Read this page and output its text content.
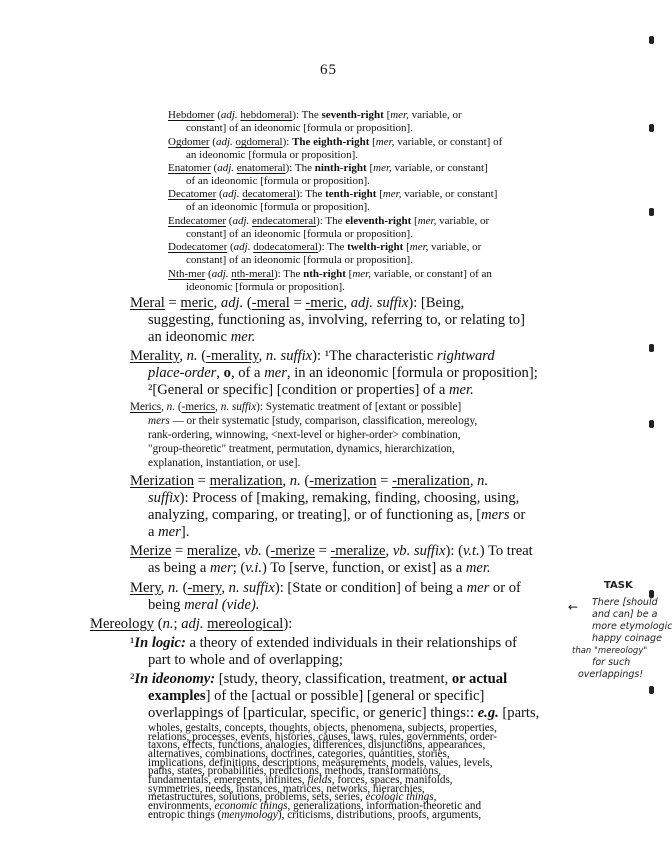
65
Hebdomer (adj. hebdomeral): The seventh-right [mer, variable, or
constant] of an ideonomic [formula or proposition].
Ogdomer (adj. ogdomeral): The eighth-right [mer, variable, or constant] of
an ideonomic [formula or proposition].
Enatomer (adj. enatomeral): The ninth-right [mer, variable, or constant]
of an ideonomic [formula or proposition].
Decatomer (adj. decatomeral): The tenth-right [mer, variable, or constant]
of an ideonomic [formula or proposition].
Endecatomer (adj. endecatomeral): The eleventh-right [mer, variable, or
constant] of an ideonomic [formula or proposition].
Dodecatomer (adj. dodecatomeral): The twelth-right [mer, variable, or
constant] of an ideonomic [formula or proposition].
Nth-mer (adj. nth-meral): The nth-right [mer, variable, or constant] of an
ideonomic [formula or proposition].
Meral = meric, adj. (-meral = -meric, adj. suffix): [Being,
suggesting, functioning as, involving, referring to, or relating to]
an ideonomic mer.
Merality, n. (-merality, n. suffix): ¹The characteristic rightward
place-order, o, of a mer, in an ideonomic [formula or proposition];
²[General or specific] [condition or properties] of a mer.
Merics, n. (-merics, n. suffix): Systematic treatment of [extant or possible]
mers — or their systematic [study, comparison, classification, mereology,
rank-ordering, winnowing, <next-level or higher-order> combination,
"group-theoretic" treatment, permutation, dynamics, hierarchization,
explanation, instantiation, or use].
Merization = meralization, n. (-merization = -meralization, n.
suffix): Process of [making, remaking, finding, choosing, using,
analyzing, comparing, or treating], or of functioning as, [mers or
a mer].
Merize = meralize, vb. (-merize = -meralize, vb. suffix): (v.t.) To treat
as being a mer; (v.i.) To [serve, function, or exist] as a mer.
Mery, n. (-mery, n. suffix): [State or condition] of being a mer or of
being meral (vide).
Mereology (n.; adj. mereological):
¹In logic: a theory of extended individuals in their relationships of
part to whole and of overlapping;
²In ideonomy: [study, theory, classification, treatment, or actual
examples] of the [actual or possible] [general or specific]
overlappings of [particular, specific, or generic] things:: e.g. [parts,
wholes, gestalts, concepts, thoughts, objects, phenomena, subjects, properties,
relations, processes, events, histories, causes, laws, rules, governments, order-
taxons, effects, functions, analogies, differences, disjunctions, appearances,
alternatives, combinations, doctrines, categories, quantities, stories,
implications, definitions, descriptions, measurements, models, values, levels,
paths, states, probabilities, predictions, methods, transformations,
fundamentals, emergents, infinites, fields, forces, spaces, manifolds,
symmetries, needs, instances, matrices, networks, hierarchies,
TASK
← There [should
and can] be a
more etymologic
happy coinage
than "mereology"
for such
overlappings!
metastructures, solutions, problems, sets, series, ecologic things,
environments, economic things, generalizations, information-theoretic and
entropic things (menymology), criticisms, distributions, proofs, arguments,
